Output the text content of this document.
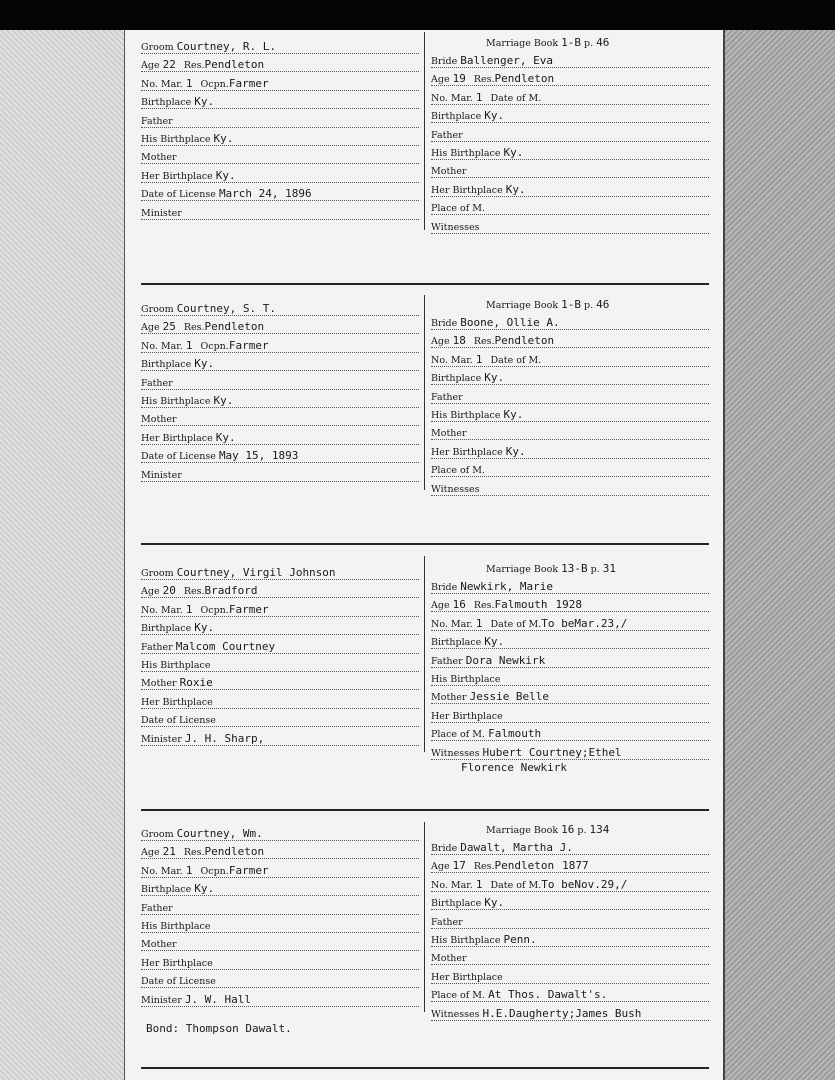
Groom Courtney, R. L.
Age 22 Res.Pendleton
No. Mar. 1 Ocpn.Farmer
Birthplace Ky.
Father
His Birthplace Ky.
Mother
Her Birthplace Ky.
Date of License March 24, 1896
Minister
Marriage Book 1-B p. 46
Bride Ballenger, Eva
Age 19 Res.Pendleton
No. Mar. 1 Date of M.
Birthplace Ky.
Father
His Birthplace Ky.
Mother
Her Birthplace Ky.
Place of M.
Witnesses
Groom Courtney, S. T.
Age 25 Res.Pendleton
No. Mar. 1 Ocpn.Farmer
Birthplace Ky.
Father
His Birthplace Ky.
Mother
Her Birthplace Ky.
Date of License May 15, 1893
Minister
Marriage Book 1-B p. 46
Bride Boone, Ollie A.
Age 18 Res.Pendleton
No. Mar. 1 Date of M.
Birthplace Ky.
Father
His Birthplace Ky.
Mother
Her Birthplace Ky.
Place of M.
Witnesses
Groom Courtney, Virgil Johnson
Age 20 Res.Bradford
No. Mar. 1 Ocpn.Farmer
Birthplace Ky.
Father Malcom Courtney
His Birthplace
Mother Roxie
Her Birthplace
Date of License
Minister J. H. Sharp,
Marriage Book 13-B p. 31
Bride Newkirk, Marie
Age 16 Res.Falmouth 1928
No. Mar. 1 Date of M.To beMar.23,/
Birthplace Ky.
Father Dora Newkirk
His Birthplace
Mother Jessie Belle
Her Birthplace
Place of M. Falmouth
Witnesses Hubert Courtney;Ethel
Florence Newkirk
Groom Courtney, Wm.
Age 21 Res.Pendleton
No. Mar. 1 Ocpn.Farmer
Birthplace Ky.
Father
His Birthplace
Mother
Her Birthplace
Date of License
Minister J. W. Hall
Marriage Book 16 p. 134
Bride Dawalt, Martha J.
Age 17 Res.Pendleton 1877
No. Mar. 1 Date of M.To beNov.29,/
Birthplace Ky.
Father
His Birthplace Penn.
Mother
Her Birthplace
Place of M. At Thos. Dawalt's.
Witnesses H.E.Daugherty;James Bush
Bond: Thompson Dawalt.
